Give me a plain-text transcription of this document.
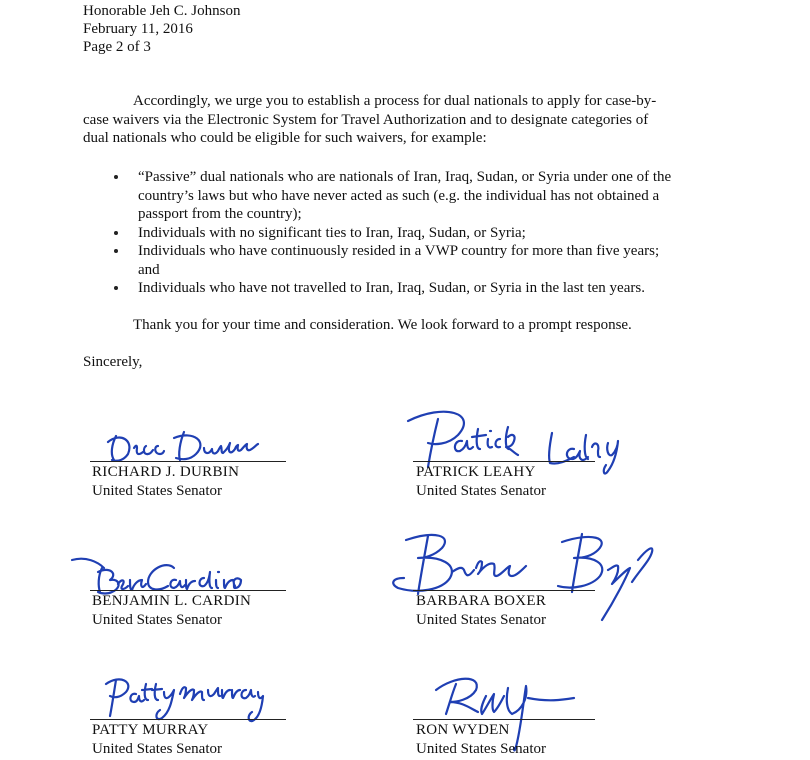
Honorable Jeh C. Johnson
February 11, 2016
Page 2 of 3
Accordingly, we urge you to establish a process for dual nationals to apply for case-by-
case waivers via the Electronic System for Travel Authorization and to designate categories of
dual nationals who could be eligible for such waivers, for example:
“Passive” dual nationals who are nationals of Iran, Iraq, Sudan, or Syria under one of the
country’s laws but who have never acted as such (e.g. the individual has not obtained a
passport from the country);
Individuals with no significant ties to Iran, Iraq, Sudan, or Syria;
Individuals who have continuously resided in a VWP country for more than five years;
and
Individuals who have not travelled to Iran, Iraq, Sudan, or Syria in the last ten years.
Thank you for your time and consideration. We look forward to a prompt response.
Sincerely,
RICHARD J. DURBIN
United States Senator
PATRICK LEAHY
United States Senator
BENJAMIN L. CARDIN
United States Senator
BARBARA BOXER
United States Senator
PATTY MURRAY
United States Senator
RON WYDEN
United States Senator
